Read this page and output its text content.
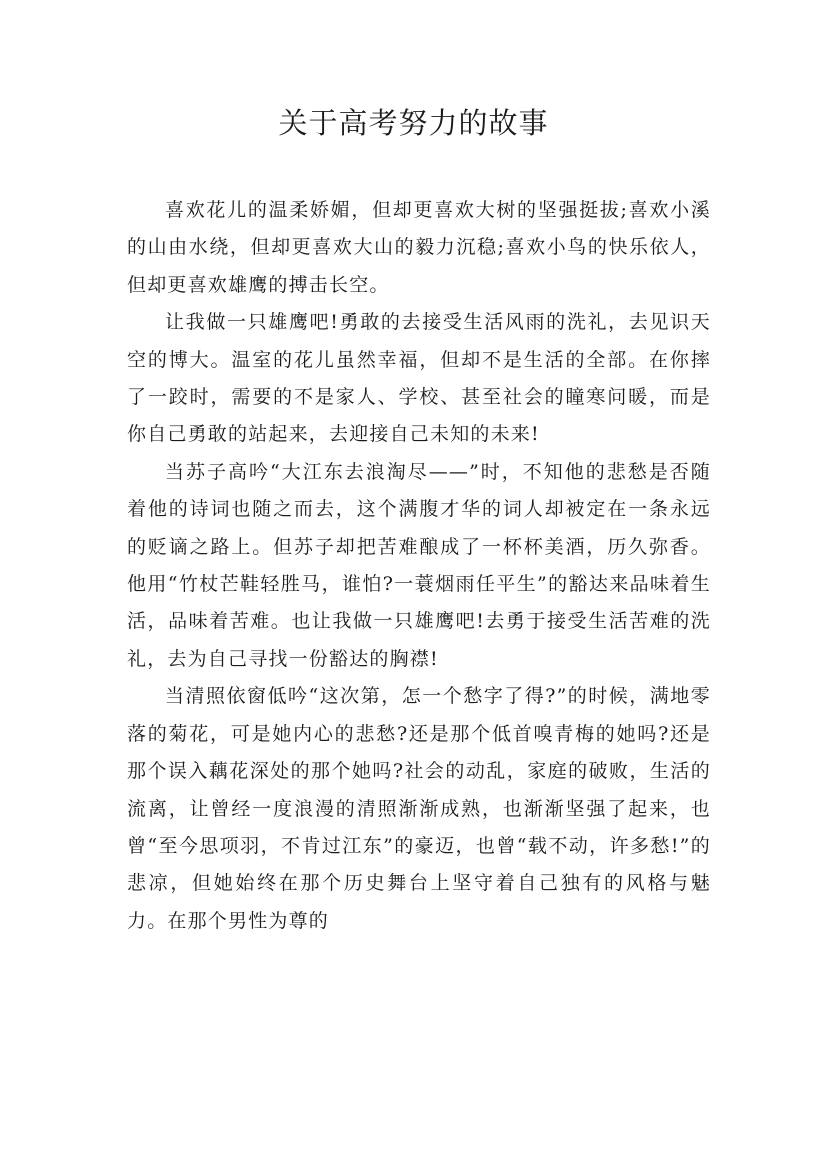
关于高考努力的故事

喜欢花儿的温柔娇媚，但却更喜欢大树的坚强挺拔;喜欢小溪的山由水绕，但却更喜欢大山的毅力沉稳;喜欢小鸟的快乐依人，但却更喜欢雄鹰的搏击长空。

让我做一只雄鹰吧!勇敢的去接受生活风雨的洗礼，去见识天空的博大。温室的花儿虽然幸福，但却不是生活的全部。在你摔了一跤时，需要的不是家人、学校、甚至社会的瞳寒问暖，而是你自己勇敢的站起来，去迎接自己未知的未来!

当苏子高吟“大江东去浪淘尽——”时，不知他的悲愁是否随着他的诗词也随之而去，这个满腹才华的词人却被定在一条永远的贬谪之路上。但苏子却把苦难酿成了一杯杯美酒，历久弥香。他用“竹杖芒鞋轻胜马，谁怕?一蓑烟雨任平生”的豁达来品味着生活，品味着苦难。也让我做一只雄鹰吧!去勇于接受生活苦难的洗礼，去为自己寻找一份豁达的胸襟!

当清照依窗低吟“这次第，怎一个愁字了得?”的时候，满地零落的菊花，可是她内心的悲愁?还是那个低首嗅青梅的她吗?还是那个误入藕花深处的那个她吗?社会的动乱，家庭的破败，生活的流离，让曾经一度浪漫的清照渐渐成熟，也渐渐坚强了起来，也曾“至今思项羽，不肯过江东”的豪迈，也曾“载不动，许多愁!”的悲凉，但她始终在那个历史舞台上坚守着自己独有的风格与魅力。在那个男性为尊的
